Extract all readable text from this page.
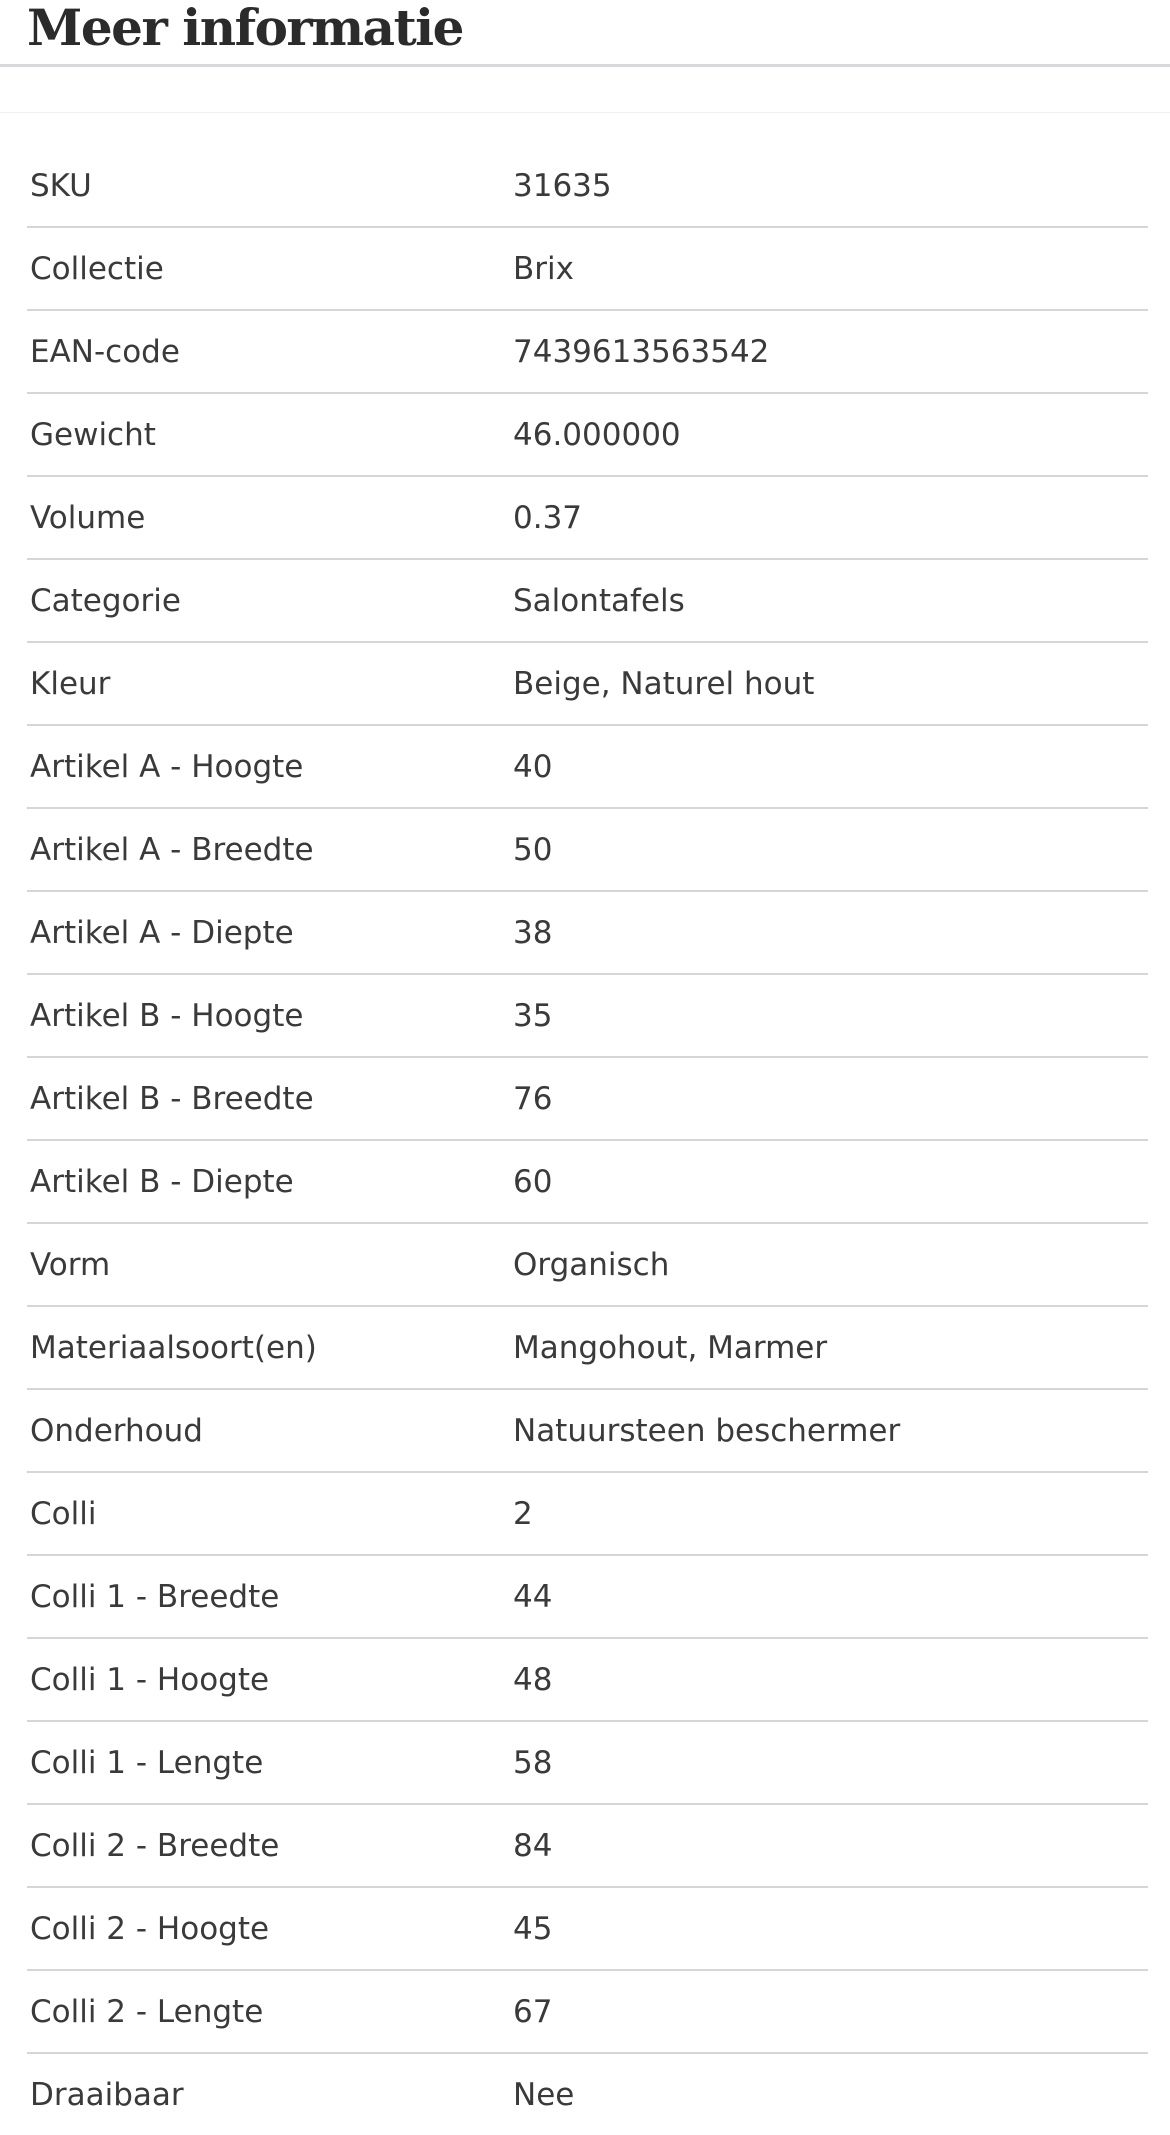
Meer informatie
SKU	31635
Collectie	Brix
EAN-code	7439613563542
Gewicht	46.000000
Volume	0.37
Categorie	Salontafels
Kleur	Beige, Naturel hout
Artikel A - Hoogte	40
Artikel A - Breedte	50
Artikel A - Diepte	38
Artikel B - Hoogte	35
Artikel B - Breedte	76
Artikel B - Diepte	60
Vorm	Organisch
Materiaalsoort(en)	Mangohout, Marmer
Onderhoud	Natuursteen beschermer
Colli	2
Colli 1 - Breedte	44
Colli 1 - Hoogte	48
Colli 1 - Lengte	58
Colli 2 - Breedte	84
Colli 2 - Hoogte	45
Colli 2 - Lengte	67
Draaibaar	Nee
